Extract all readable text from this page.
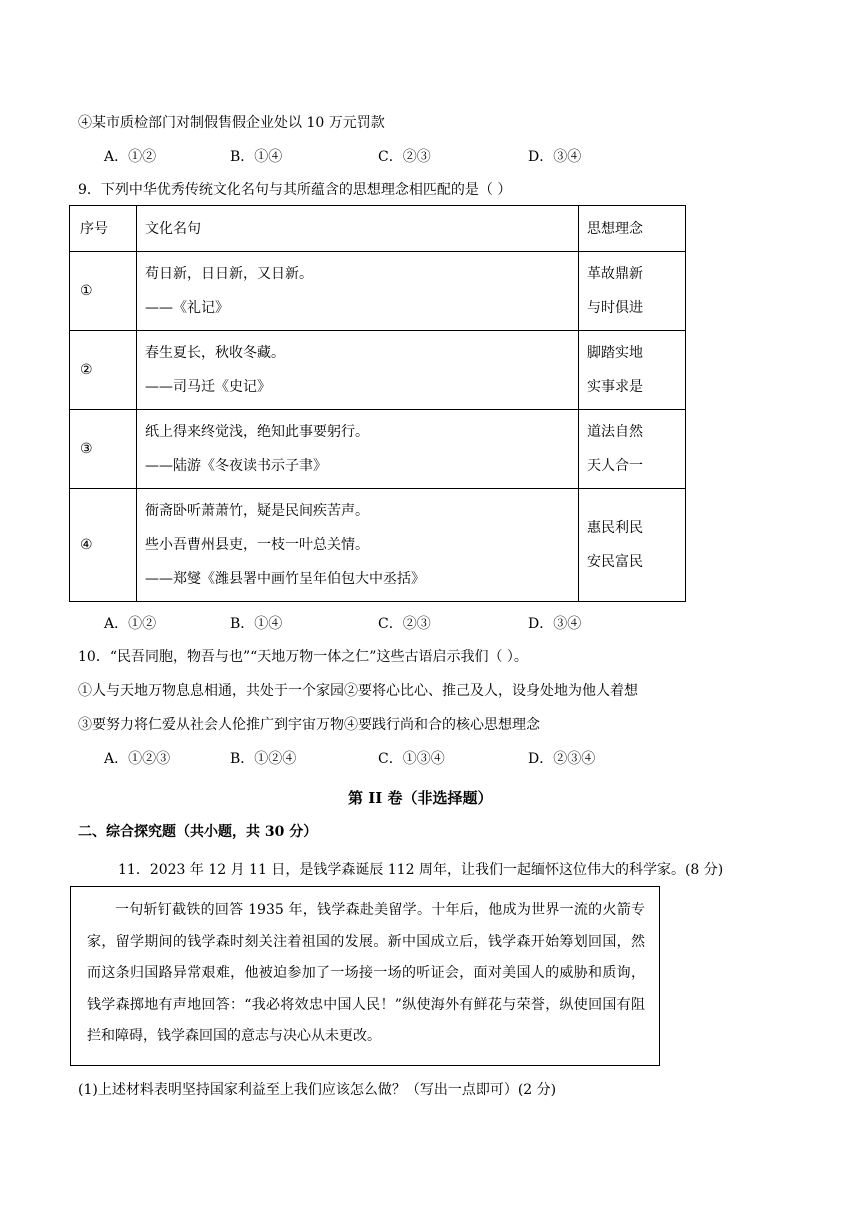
④某市质检部门对制假售假企业处以 10 万元罚款
A．①②	B．①④	C．②③	D．③④
9．下列中华优秀传统文化名句与其所蕴含的思想理念相匹配的是（ ）
序号	文化名句	思想理念
①	苟日新，日日新，又日新。
——《礼记》	革故鼎新
与时俱进

②	春生夏长，秋收冬藏。
——司马迁《史记》	脚踏实地
实事求是

③	纸上得来终觉浅，绝知此事要躬行。
——陆游《冬夜读书示子聿》	道法自然
天人合一

④	衙斋卧听萧萧竹，疑是民间疾苦声。
些小吾曹州县吏，一枝一叶总关情。
——郑燮《潍县署中画竹呈年伯包大中丞括》	惠民利民
安民富民
A．①②	B．①④	C．②③	D．③④
10．“民吾同胞，物吾与也”“天地万物一体之仁”这些古语启示我们（ ）。
①人与天地万物息息相通，共处于一个家园②要将心比心、推己及人，设身处地为他人着想
③要努力将仁爱从社会人伦推广到宇宙万物④要践行尚和合的核心思想理念
A．①②③	B．①②④	C．①③④	D．②③④
第 II 卷（非选择题）
二、综合探究题（共小题，共 30 分）
11．2023 年 12 月 11 日，是钱学森诞辰 112 周年，让我们一起缅怀这位伟大的科学家。(8 分)

一句斩钉截铁的回答 1935 年，钱学森赴美留学。十年后，他成为世界一流的火箭专家，留学期间的钱学森时刻关注着祖国的发展。新中国成立后，钱学森开始筹划回国，然而这条归国路异常艰难，他被迫参加了一场接一场的听证会，面对美国人的威胁和质询，钱学森掷地有声地回答：“我必将效忠中国人民！”纵使海外有鲜花与荣誉，纵使回国有阻拦和障碍，钱学森回国的意志与决心从未更改。

(1)上述材料表明坚持国家利益至上我们应该怎么做？（写出一点即可）(2 分)
